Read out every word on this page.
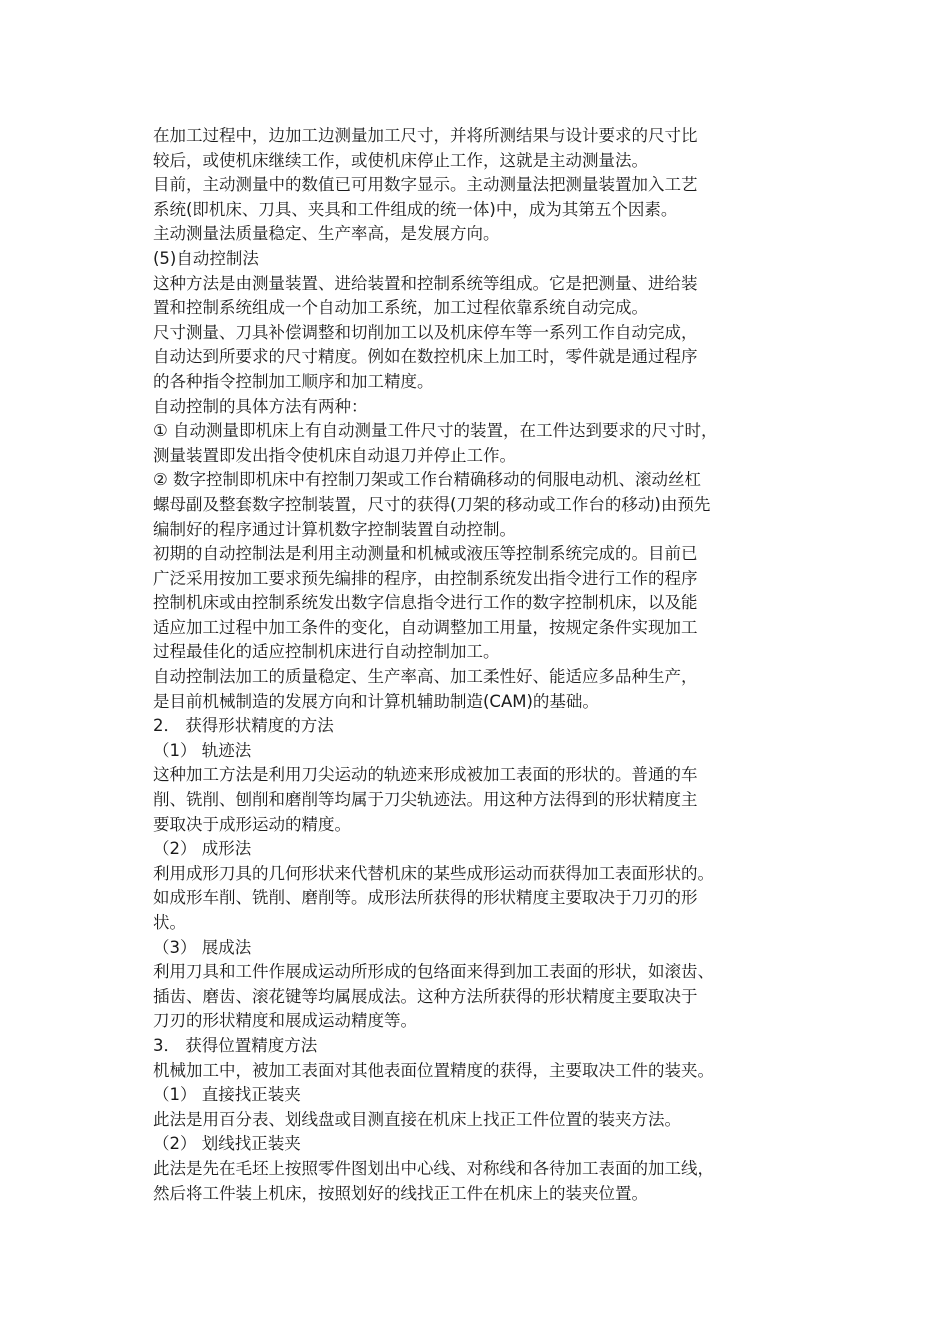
在加工过程中，边加工边测量加工尺寸，并将所测结果与设计要求的尺寸比
较后，或使机床继续工作，或使机床停止工作，这就是主动测量法。
目前，主动测量中的数值已可用数字显示。主动测量法把测量装置加入工艺
系统(即机床、刀具、夹具和工件组成的统一体)中，成为其第五个因素。
主动测量法质量稳定、生产率高，是发展方向。
(5)自动控制法
这种方法是由测量装置、进给装置和控制系统等组成。它是把测量、进给装
置和控制系统组成一个自动加工系统，加工过程依靠系统自动完成。
尺寸测量、刀具补偿调整和切削加工以及机床停车等一系列工作自动完成，
自动达到所要求的尺寸精度。例如在数控机床上加工时，零件就是通过程序
的各种指令控制加工顺序和加工精度。
自动控制的具体方法有两种：
① 自动测量即机床上有自动测量工件尺寸的装置，在工件达到要求的尺寸时，
测量装置即发出指令使机床自动退刀并停止工作。
② 数字控制即机床中有控制刀架或工作台精确移动的伺服电动机、滚动丝杠
螺母副及整套数字控制装置，尺寸的获得(刀架的移动或工作台的移动)由预先
编制好的程序通过计算机数字控制装置自动控制。
初期的自动控制法是利用主动测量和机械或液压等控制系统完成的。目前已
广泛采用按加工要求预先编排的程序，由控制系统发出指令进行工作的程序
控制机床或由控制系统发出数字信息指令进行工作的数字控制机床，以及能
适应加工过程中加工条件的变化，自动调整加工用量，按规定条件实现加工
过程最佳化的适应控制机床进行自动控制加工。
自动控制法加工的质量稳定、生产率高、加工柔性好、能适应多品种生产，
是目前机械制造的发展方向和计算机辅助制造(CAM)的基础。
2． 获得形状精度的方法
（1） 轨迹法
这种加工方法是利用刀尖运动的轨迹来形成被加工表面的形状的。普通的车
削、铣削、刨削和磨削等均属于刀尖轨迹法。用这种方法得到的形状精度主
要取决于成形运动的精度。
（2） 成形法
利用成形刀具的几何形状来代替机床的某些成形运动而获得加工表面形状的。
如成形车削、铣削、磨削等。成形法所获得的形状精度主要取决于刀刃的形
状。
（3） 展成法
利用刀具和工件作展成运动所形成的包络面来得到加工表面的形状，如滚齿、
插齿、磨齿、滚花键等均属展成法。这种方法所获得的形状精度主要取决于
刀刃的形状精度和展成运动精度等。
3． 获得位置精度方法
机械加工中，被加工表面对其他表面位置精度的获得，主要取决工件的装夹。
（1） 直接找正装夹
此法是用百分表、划线盘或目测直接在机床上找正工件位置的装夹方法。
（2） 划线找正装夹
此法是先在毛坯上按照零件图划出中心线、对称线和各待加工表面的加工线，
然后将工件装上机床，按照划好的线找正工件在机床上的装夹位置。
